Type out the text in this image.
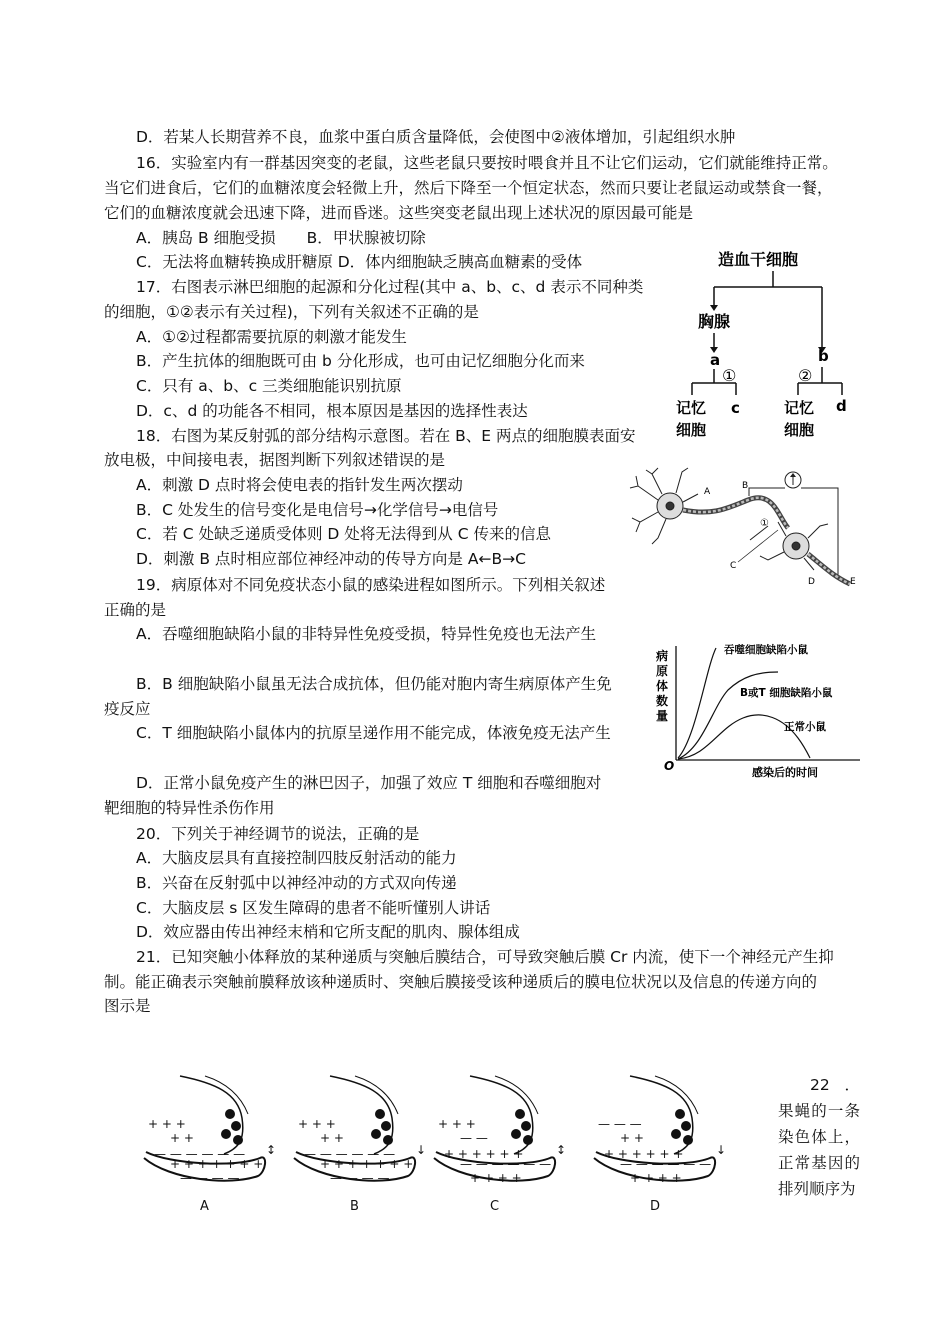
D．若某人长期营养不良，血浆中蛋白质含量降低，会使图中②液体增加，引起组织水肿
16．实验室内有一群基因突变的老鼠，这些老鼠只要按时喂食并且不让它们运动，它们就能维持正常。
当它们进食后，它们的血糖浓度会轻微上升，然后下降至一个恒定状态，然而只要让老鼠运动或禁食一餐，
它们的血糖浓度就会迅速下降，进而昏迷。这些突变老鼠出现上述状况的原因最可能是
A．胰岛 B 细胞受损　　B．甲状腺被切除
C．无法将血糖转换成肝糖原 D．体内细胞缺乏胰高血糖素的受体
17．右图表示淋巴细胞的起源和分化过程(其中 a、b、c、d 表示不同种类
的细胞，①②表示有关过程)，下列有关叙述不正确的是
A．①②过程都需要抗原的刺激才能发生
B．产生抗体的细胞既可由 b 分化形成，也可由记忆细胞分化而来
C．只有 a、b、c 三类细胞能识别抗原
D．c、d 的功能各不相同，根本原因是基因的选择性表达
造血干细胞
胸腺
a	b
①	②
记忆
细胞
c	记忆
细胞
d
18．右图为某反射弧的部分结构示意图。若在 B、E 两点的细胞膜表面安
放电极，中间接电表，据图判断下列叙述错误的是
A．刺激 D 点时将会使电表的指针发生两次摆动
B．C 处发生的信号变化是电信号→化学信号→电信号
C．若 C 处缺乏递质受体则 D 处将无法得到从 C 传来的信息
D．刺激 B 点时相应部位神经冲动的传导方向是 A←B→C
A
B
①
C
D	E
19．病原体对不同免疫状态小鼠的感染进程如图所示。下列相关叙述正确的是
A．吞噬细胞缺陷小鼠的非特异性免疫受损，特异性免疫也无法产生
B．B 细胞缺陷小鼠虽无法合成抗体，但仍能对胞内寄生病原体产生免疫反应
C．T 细胞缺陷小鼠体内的抗原呈递作用不能完成，体液免疫无法产生
D．正常小鼠免疫产生的淋巴因子，加强了效应 T 细胞和吞噬细胞对靶细胞的特异性杀伤作用
病
原
体
数
量
O	感染后的时间
吞噬细胞缺陷小鼠
B或T 细胞缺陷小鼠
正常小鼠
20．下列关于神经调节的说法，正确的是
A．大脑皮层具有直接控制四肢反射活动的能力
B．兴奋在反射弧中以神经冲动的方式双向传递
C．大脑皮层 s 区发生障碍的患者不能听懂别人讲话
D．效应器由传出神经末梢和它所支配的肌肉、腺体组成
21．已知突触小体释放的某种递质与突触后膜结合，可导致突触后膜 Cr 内流，使下一个神经元产生抑
制。能正确表示突触前膜释放该种递质时、突触后膜接受该种递质后的膜电位状况以及信息的传递方向的
图示是
+ + +
+ +
— — — — — —
+ + + + + + +
— — — —
↕
A
+ + +
+ +
— — — — — —
+ + + + + + +
— — — —
↓
B
+ + +
— —
+ + + + + +
— — — — — —
+ + + +
↕
C
— — —
+ +
+ + + + + +
— — — — — —
+ + + +
↓
D
22．果蝇的一条染色体上，正常基因的排列顺序为
